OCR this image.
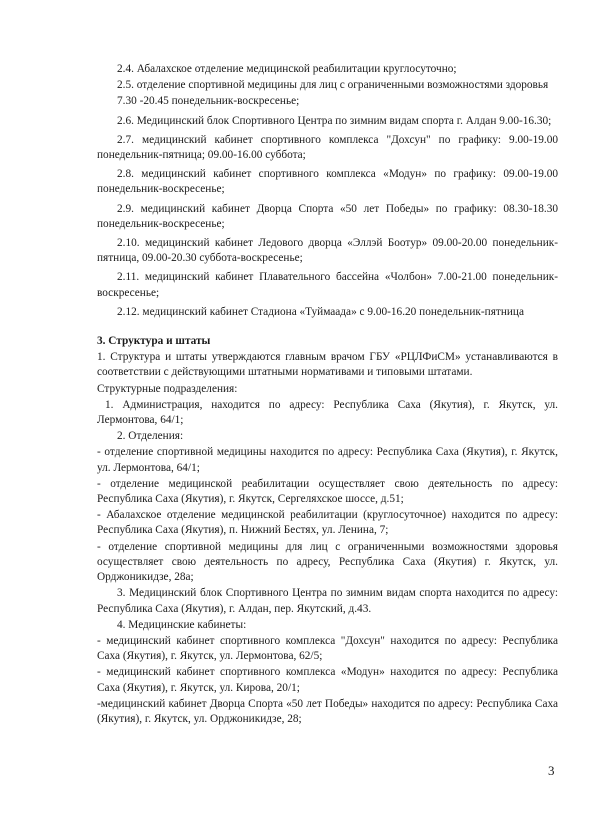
2.4. Абалахское отделение медицинской реабилитации круглосуточно;

2.5. отделение спортивной медицины для лиц с ограниченными возможностями здоровья

7.30 -20.45 понедельник-воскресенье;

2.6. Медицинский блок Спортивного Центра по зимним видам спорта г. Алдан 9.00-16.30;

2.7. медицинский кабинет спортивного комплекса "Дохсун" по графику: 9.00-19.00 понедельник-пятница; 09.00-16.00 суббота;

2.8. медицинский кабинет спортивного комплекса «Модун» по графику: 09.00-19.00 понедельник-воскресенье;

2.9. медицинский кабинет Дворца Спорта «50 лет Победы» по графику: 08.30-18.30 понедельник-воскресенье;

2.10. медицинский кабинет Ледового дворца «Эллэй Боотур» 09.00-20.00 понедельник-пятница, 09.00-20.30 суббота-воскресенье;

2.11. медицинский кабинет Плавательного бассейна «Чолбон» 7.00-21.00 понедельник- воскресенье;

2.12. медицинский кабинет Стадиона «Туймаада» с 9.00-16.20 понедельник-пятница

3. Структура и штаты

1. Структура и штаты утверждаются главным врачом ГБУ «РЦЛФиСМ» устанавливаются в соответствии с действующими штатными нормативами и типовыми штатами.

Структурные подразделения:

1. Администрация, находится по адресу: Республика Саха (Якутия), г. Якутск, ул. Лермонтова, 64/1;

2. Отделения:

- отделение спортивной медицины находится по адресу: Республика Саха (Якутия), г. Якутск, ул. Лермонтова, 64/1;

- отделение медицинской реабилитации осуществляет свою деятельность по адресу: Республика Саха (Якутия), г. Якутск, Сергеляхское шоссе, д.51;

- Абалахское отделение медицинской реабилитации (круглосуточное) находится по адресу: Республика Саха (Якутия), п. Нижний Бестях, ул. Ленина, 7;

- отделение спортивной медицины для лиц с ограниченными возможностями здоровья осуществляет свою деятельность по адресу, Республика Саха (Якутия) г. Якутск, ул. Орджоникидзе, 28а;

3. Медицинский блок Спортивного Центра по зимним видам спорта находится по адресу: Республика Саха (Якутия), г. Алдан, пер. Якутский, д.43.

4. Медицинские кабинеты:

- медицинский кабинет спортивного комплекса "Дохсун" находится по адресу: Республика Саха (Якутия), г. Якутск, ул. Лермонтова, 62/5;

- медицинский кабинет спортивного комплекса «Модун» находится по адресу: Республика Саха (Якутия), г. Якутск, ул. Кирова, 20/1;

-медицинский кабинет Дворца Спорта «50 лет Победы» находится по адресу: Республика Саха (Якутия), г. Якутск, ул. Орджоникидзе, 28;

3
